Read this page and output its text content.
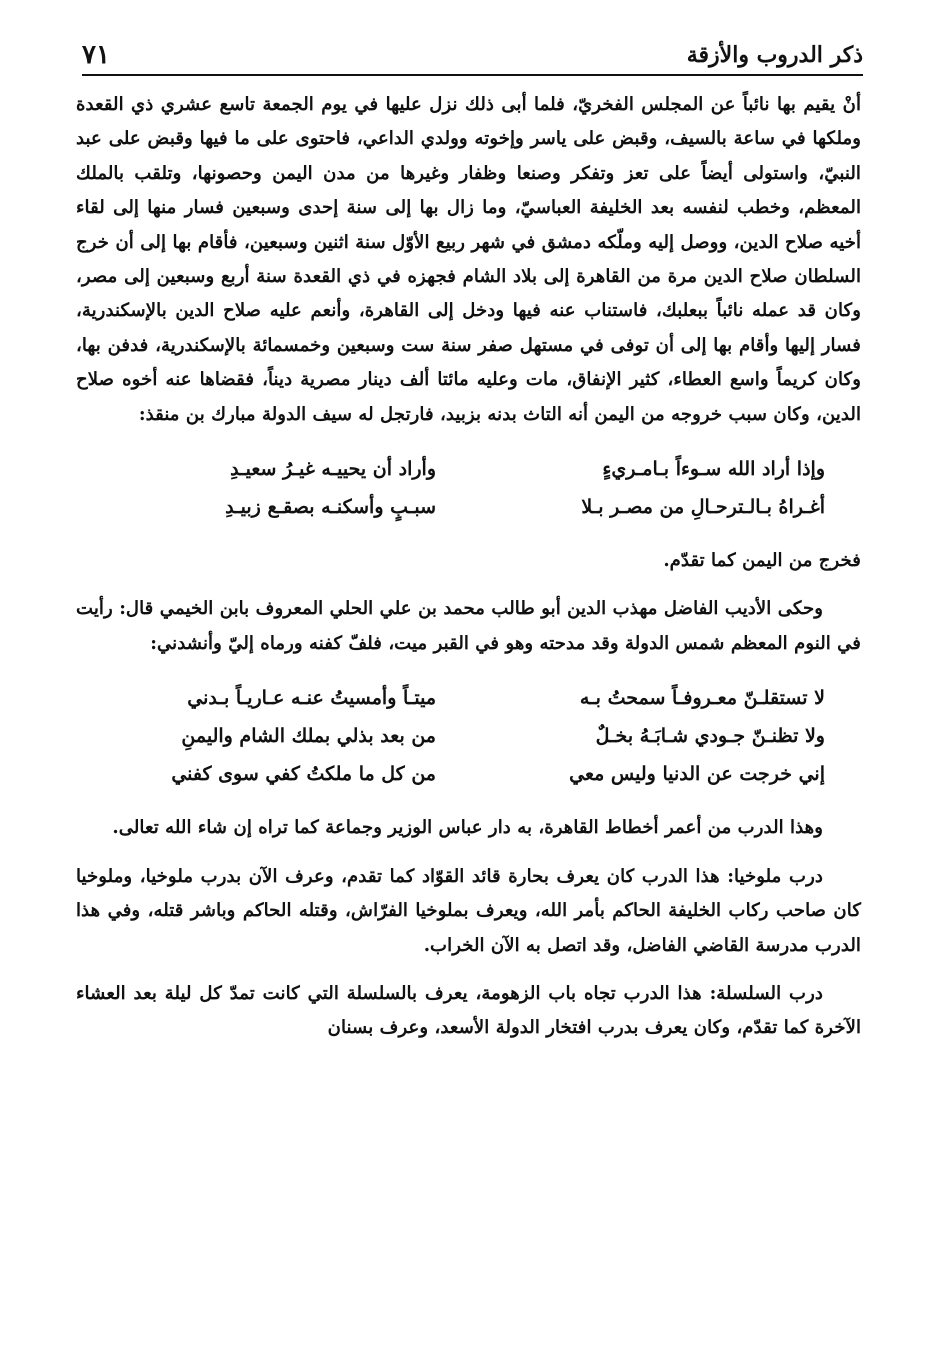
ذكر الدروب والأزقة
٧١

أنْ يقيم بها نائباً عن المجلس الفخريّ، فلما أبى ذلك نزل عليها في يوم الجمعة تاسع عشري ذي القعدة وملكها في ساعة بالسيف، وقبض على ياسر وإخوته وولدي الداعي، فاحتوى على ما فيها وقبض على عبد النبيّ، واستولى أيضاً على تعز وتفكر وصنعا وظفار وغيرها من مدن اليمن وحصونها، وتلقب بالملك المعظم، وخطب لنفسه بعد الخليفة العباسيّ، وما زال بها إلى سنة إحدى وسبعين فسار منها إلى لقاء أخيه صلاح الدين، ووصل إليه وملّكه دمشق في شهر ربيع الأوّل سنة اثنين وسبعين، فأقام بها إلى أن خرج السلطان صلاح الدين مرة من القاهرة إلى بلاد الشام فجهزه في ذي القعدة سنة أربع وسبعين إلى مصر، وكان قد عمله نائباً ببعلبك، فاستناب عنه فيها ودخل إلى القاهرة، وأنعم عليه صلاح الدين بالإسكندرية، فسار إليها وأقام بها إلى أن توفى في مستهل صفر سنة ست وسبعين وخمسمائة بالإسكندرية، فدفن بها، وكان كريماً واسع العطاء، كثير الإنفاق، مات وعليه مائتا ألف دينار مصرية ديناً، فقضاها عنه أخوه صلاح الدين، وكان سبب خروجه من اليمن أنه التاث بدنه بزبيد، فارتجل له سيف الدولة مبارك بن منقذ:

وإذا أراد الله سـوءاً بـامـريءٍ
وأراد أن يحييـه غيـرُ سعيـدِ
أغـراهُ بـالـترحـالِ من مصـر بـلا
سبـبٍ وأسكنـه بصقـع زبيـدِ

فخرج من اليمن كما تقدّم.

وحكى الأديب الفاضل مهذب الدين أبو طالب محمد بن علي الحلي المعروف بابن الخيمي قال: رأيت في النوم المعظم شمس الدولة وقد مدحته وهو في القبر ميت، فلفّ كفنه ورماه إليّ وأنشدني:

لا تستقلـنّ معـروفـاً سمحتُ بـه
ميتـاً وأمسيتُ عنـه عـاريـاً بـدني
ولا تظنـنّ جـودي شـابَـهُ بخـلٌ
من بعد بذلي بملك الشام واليمنِ
إني خرجت عن الدنيا وليس معي
من كل ما ملكتُ كفي سوى كفني

وهذا الدرب من أعمر أخطاط القاهرة، به دار عباس الوزير وجماعة كما تراه إن شاء الله تعالى.

درب ملوخيا: هذا الدرب كان يعرف بحارة قائد القوّاد كما تقدم، وعرف الآن بدرب ملوخيا، وملوخيا كان صاحب ركاب الخليفة الحاكم بأمر الله، ويعرف بملوخيا الفرّاش، وقتله الحاكم وباشر قتله، وفي هذا الدرب مدرسة القاضي الفاضل، وقد اتصل به الآن الخراب.

درب السلسلة: هذا الدرب تجاه باب الزهومة، يعرف بالسلسلة التي كانت تمدّ كل ليلة بعد العشاء الآخرة كما تقدّم، وكان يعرف بدرب افتخار الدولة الأسعد، وعرف بسنان
